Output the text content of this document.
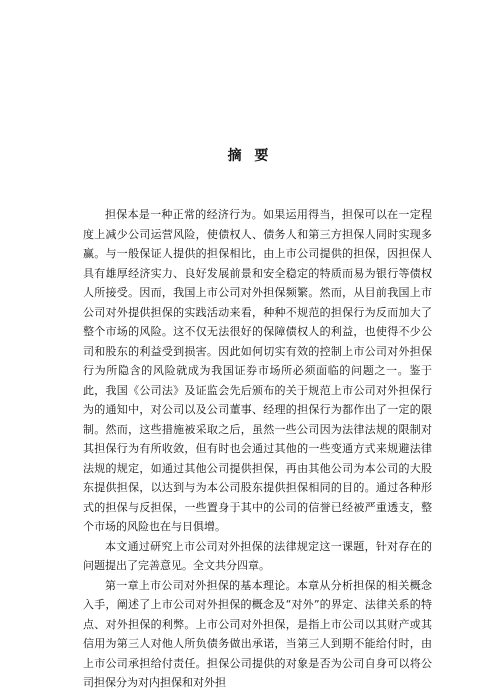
摘 要

担保本是一种正常的经济行为。如果运用得当，担保可以在一定程度上减少公司运营风险，使债权人、债务人和第三方担保人同时实现多赢。与一般保证人提供的担保相比，由上市公司提供的担保，因担保人具有雄厚经济实力、良好发展前景和安全稳定的特质而易为银行等债权人所接受。因而，我国上市公司对外担保频繁。然而，从目前我国上市公司对外提供担保的实践活动来看，种种不规范的担保行为反而加大了整个市场的风险。这不仅无法很好的保障债权人的利益，也使得不少公司和股东的利益受到损害。因此如何切实有效的控制上市公司对外担保行为所隐含的风险就成为我国证券市场所必须面临的问题之一。鉴于此，我国《公司法》及证监会先后颁布的关于规范上市公司对外担保行为的通知中，对公司以及公司董事、经理的担保行为都作出了一定的限制。然而，这些措施被采取之后，虽然一些公司因为法律法规的限制对其担保行为有所收敛，但有时也会通过其他的一些变通方式来规避法律法规的规定，如通过其他公司提供担保，再由其他公司为本公司的大股东提供担保，以达到与为本公司股东提供担保相同的目的。通过各种形式的担保与反担保，一些置身于其中的公司的信誉已经被严重透支，整个市场的风险也在与日俱增。

本文通过研究上市公司对外担保的法律规定这一课题，针对存在的问题提出了完善意见。全文共分四章。

第一章上市公司对外担保的基本理论。本章从分析担保的相关概念入手，阐述了上市公司对外担保的概念及“对外”的界定、法律关系的特点、对外担保的利弊。上市公司对外担保，是指上市公司以其财产或其信用为第三人对他人所负债务做出承诺，当第三人到期不能给付时，由上市公司承担给付责任。担保公司提供的对象是否为公司自身可以将公司担保分为对内担保和对外担
